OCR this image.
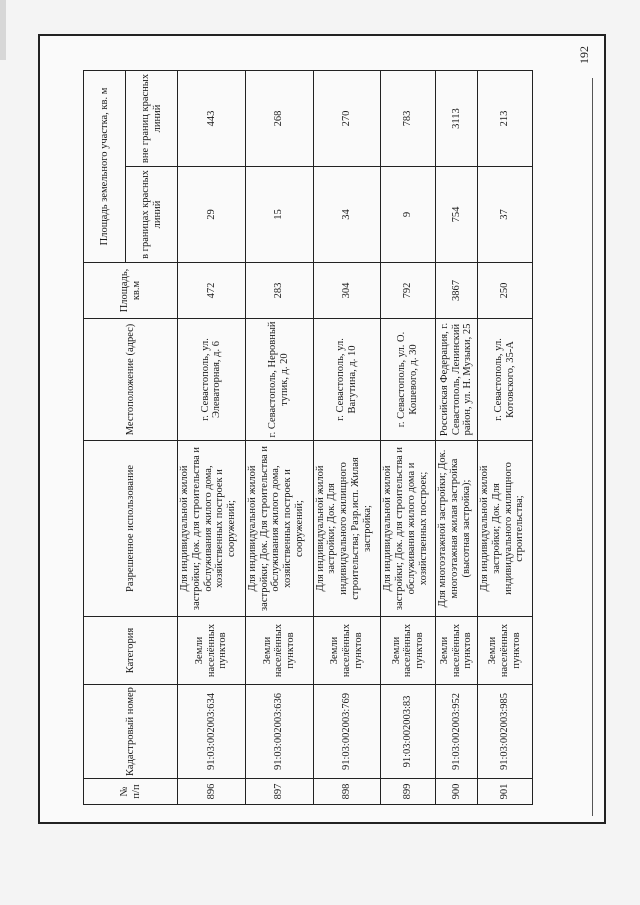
192
№ п/п	Кадастровый номер	Категория	Разрешенное использование	Местоположение (адрес)	Площадь, кв.м	Площадь земельного участка, кв. м	
						в границах красных линий	вне границ красных линий
896	91:03:002003:634	Земли населённых пунктов	Для индивидуальной жилой застройки; Док. для строительства и обслуживания жилого дома, хозяйственных построек и сооружений;	г. Севастополь, ул. Элеваторная, д. 6	472	29	443
897	91:03:002003:636	Земли населённых пунктов	Для индивидуальной жилой застройки; Док. Для строительства и обслуживания жилого дома, хозяйственных построек и сооружений;	г. Севастополь, Неровный тупик, д. 20	283	15	268
898	91:03:002003:769	Земли населённых пунктов	Для индивидуальной жилой застройки; Док. Для индивидуального жилищного строительства; Разр.исп. Жилая застройка;	г. Севастополь, ул. Вагутина, д. 10	304	34	270
899	91:03:002003:83	Земли населённых пунктов	Для индивидуальной жилой застройки; Док. для строительства и обслуживания жилого дома и хозяйственных построек;	г. Севастополь, ул. О. Кошевого, д. 30	792	9	783
900	91:03:002003:952	Земли населённых пунктов	Для многоэтажной застройки; Док. многоэтажная жилая застройка (высотная застройка);	Российская Федерация, г. Севастополь, Ленинский район, ул. Н. Музыки, 25	3867	754	3113
901	91:03:002003:985	Земли населённых пунктов	Для индивидуальной жилой застройки; Док. Для индивидуального жилищного строительства;	г. Севастополь, ул. Котовского, 35-А	250	37	213
